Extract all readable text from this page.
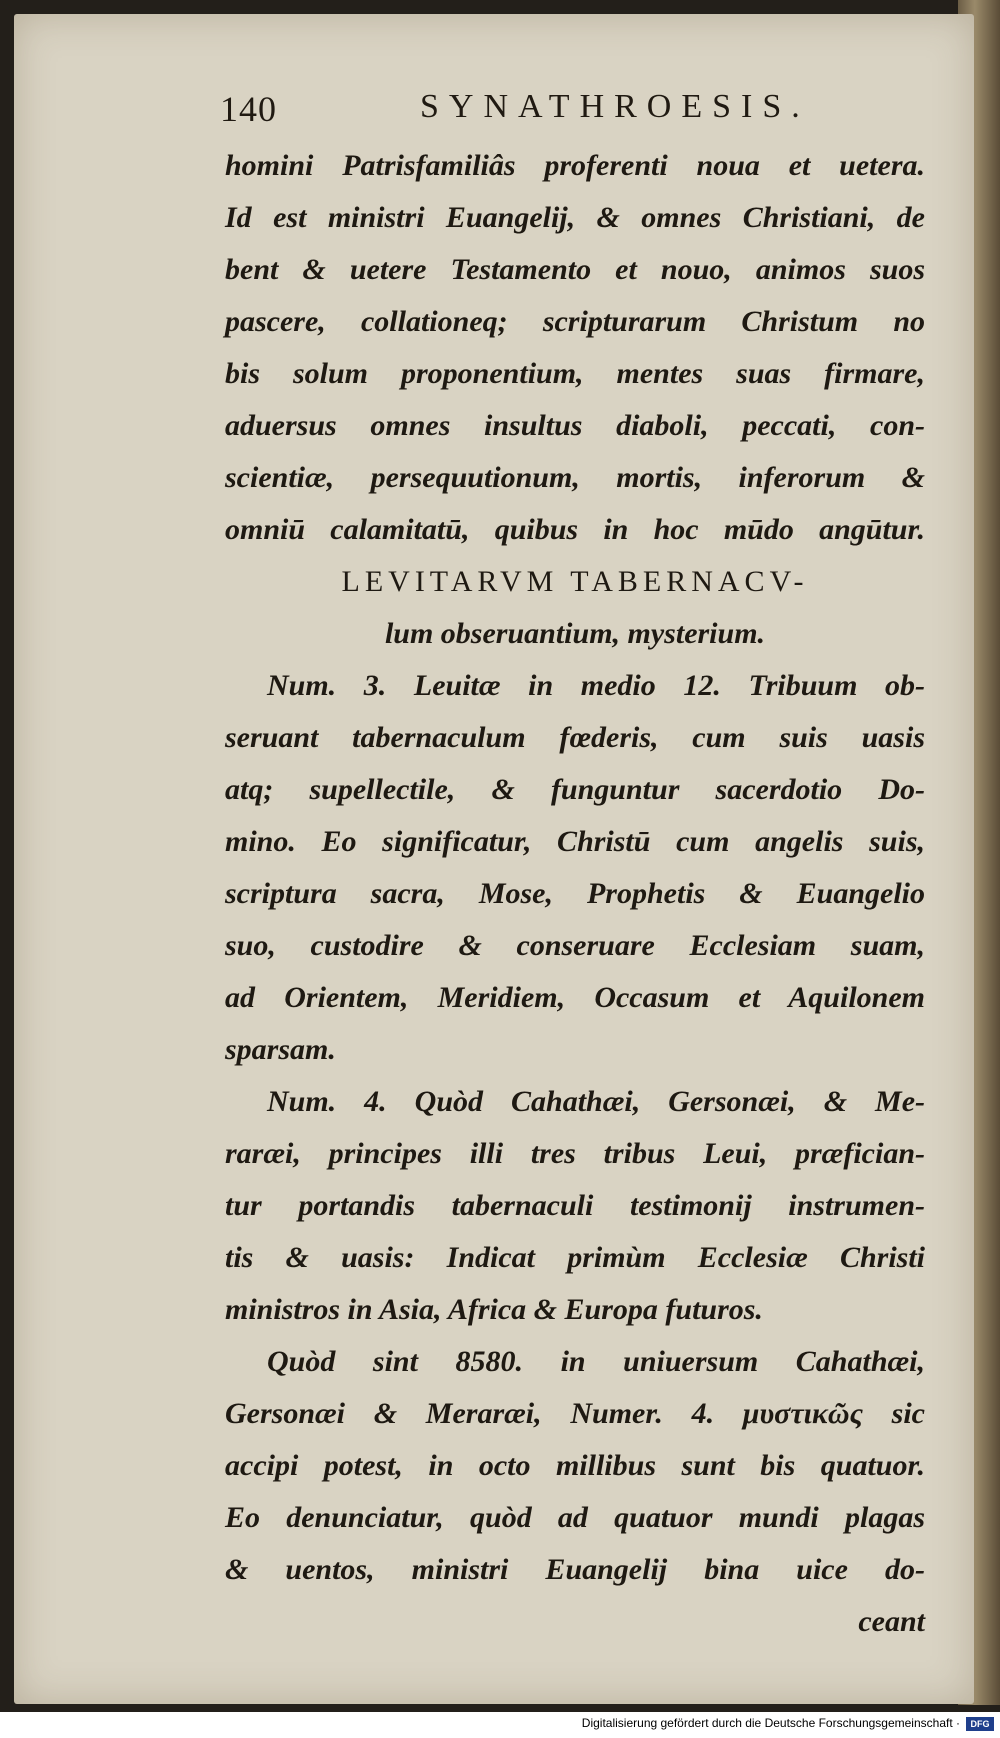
140	SYNATHROESIS.
homini Patrisfamiliâs proferenti noua et uetera.
Id est ministri Euangelij, & omnes Christiani, de
bent & uetere Testamento et nouo, animos suos
pascere, collationeq; scripturarum Christum no
bis solum proponentium, mentes suas firmare,
aduersus omnes insultus diaboli, peccati, con-
scientiæ, persequutionum, mortis, inferorum &
omniū calamitatū, quibus in hoc mūdo angūtur.
LEVITARVM TABERNACV-
lum obseruantium, mysterium.
Num. 3. Leuitæ in medio 12. Tribuum ob-
seruant tabernaculum fœderis, cum suis uasis
atq; supellectile, & funguntur sacerdotio Do-
mino. Eo significatur, Christū cum angelis suis,
scriptura sacra, Mose, Prophetis & Euangelio
suo, custodire & conseruare Ecclesiam suam,
ad Orientem, Meridiem, Occasum et Aquilonem
sparsam.
Num. 4. Quòd Cahathæi, Gersonæi, & Me-
raræi, principes illi tres tribus Leui, præfician-
tur portandis tabernaculi testimonij instrumen-
tis & uasis: Indicat primùm Ecclesiæ Christi
ministros in Asia, Africa & Europa futuros.
Quòd sint 8580. in uniuersum Cahathæi,
Gersonæi & Meraræi, Numer. 4. μυστικῶς sic
accipi potest, in octo millibus sunt bis quatuor.
Eo denunciatur, quòd ad quatuor mundi plagas
& uentos, ministri Euangelij bina uice do-
ceant
Digitalisierung gefördert durch die Deutsche Forschungsgemeinschaft ·	DFG
